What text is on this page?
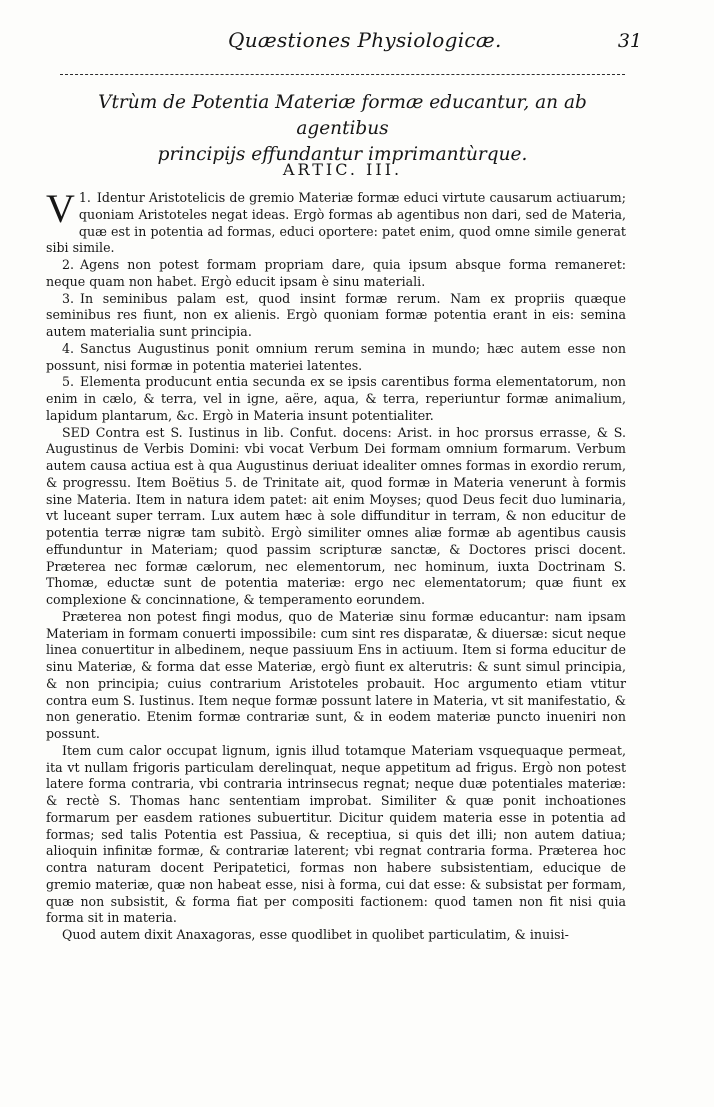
Quæstiones Physiologicæ.	31
Vtrùm de Potentia Materiæ formæ educantur, an ab agentibus
principijs effundantur imprimantùrque.
ARTIC. III.

1.
V Identur Aristotelicis de gremio Materiæ formæ educi virtute causarum actiuarum; quoniam Aristoteles negat ideas. Ergò formas ab agentibus non dari, sed de Materia, quæ est in potentia ad formas, educi oportere: patet enim, quod omne simile generat sibi simile.

2. Agens non potest formam propriam dare, quia ipsum absque forma remaneret: neque quam non habet. Ergò educit ipsam è sinu materiali.

3. In seminibus palam est, quod insint formæ rerum. Nam ex propriis quæque seminibus res fiunt, non ex alienis. Ergò quoniam formæ potentia erant in eis: semina autem materialia sunt principia.

4. Sanctus Augustinus ponit omnium rerum semina in mundo; hæc autem esse non possunt, nisi formæ in potentia materiei latentes.

5. Elementa producunt entia secunda ex se ipsis carentibus forma elementatorum, non enim in cælo, & terra, vel in igne, aëre, aqua, & terra, reperiuntur formæ animalium, lapidum plantarum, &c. Ergò in Materia insunt potentialiter.

SED Contra est S. Iustinus in lib. Confut. docens: Arist. in hoc prorsus errasse, & S. Augustinus de Verbis Domini: vbi vocat Verbum Dei formam omnium formarum. Verbum autem causa actiua est à qua Augustinus deriuat idealiter omnes formas in exordio rerum, & progressu. Item Boëtius 5. de Trinitate ait, quod formæ in Materia venerunt à formis sine Materia. Item in natura idem patet: ait enim Moyses; quod Deus fecit duo luminaria, vt luceant super terram. Lux autem hæc à sole diffunditur in terram, & non educitur de potentia terræ nigræ tam subitò. Ergò similiter omnes aliæ formæ ab agentibus causis effunduntur in Materiam; quod passim scripturæ sanctæ, & Doctores prisci docent. Præterea nec formæ cælorum, nec elementorum, nec hominum, iuxta Doctrinam S. Thomæ, eductæ sunt de potentia materiæ: ergo nec elementatorum; quæ fiunt ex complexione & concinnatione, & temperamento eorundem.

Præterea non potest fingi modus, quo de Materiæ sinu formæ educantur: nam ipsam Materiam in formam conuerti impossibile: cum sint res disparatæ, & diuersæ: sicut neque linea conuertitur in albedinem, neque passiuum Ens in actiuum. Item si forma educitur de sinu Materiæ, & forma dat esse Materiæ, ergò fiunt ex alterutris: & sunt simul principia, & non principia; cuius contrarium Aristoteles probauit. Hoc argumento etiam vtitur contra eum S. Iustinus. Item neque formæ possunt latere in Materia, vt sit manifestatio, & non generatio. Etenim formæ contrariæ sunt, & in eodem materiæ puncto inueniri non possunt.

Item cum calor occupat lignum, ignis illud totamque Materiam vsquequaque permeat, ita vt nullam frigoris particulam derelinquat, neque appetitum ad frigus. Ergò non potest latere forma contraria, vbi contraria intrinsecus regnat; neque duæ potentiales materiæ: & rectè S. Thomas hanc sententiam improbat. Similiter & quæ ponit inchoationes formarum per easdem rationes subuertitur. Dicitur quidem materia esse in potentia ad formas; sed talis Potentia est Passiua, & receptiua, si quis det illi; non autem datiua; alioquin infinitæ formæ, & contrariæ laterent; vbi regnat contraria forma. Præterea hoc contra naturam docent Peripatetici, formas non habere subsistentiam, educique de gremio materiæ, quæ non habeat esse, nisi à forma, cui dat esse: & subsistat per formam, quæ non subsistit, & forma fiat per compositi factionem: quod tamen non fit nisi quia forma sit in materia.

Quod autem dixit Anaxagoras, esse quodlibet in quolibet particulatim, & inuisi-
